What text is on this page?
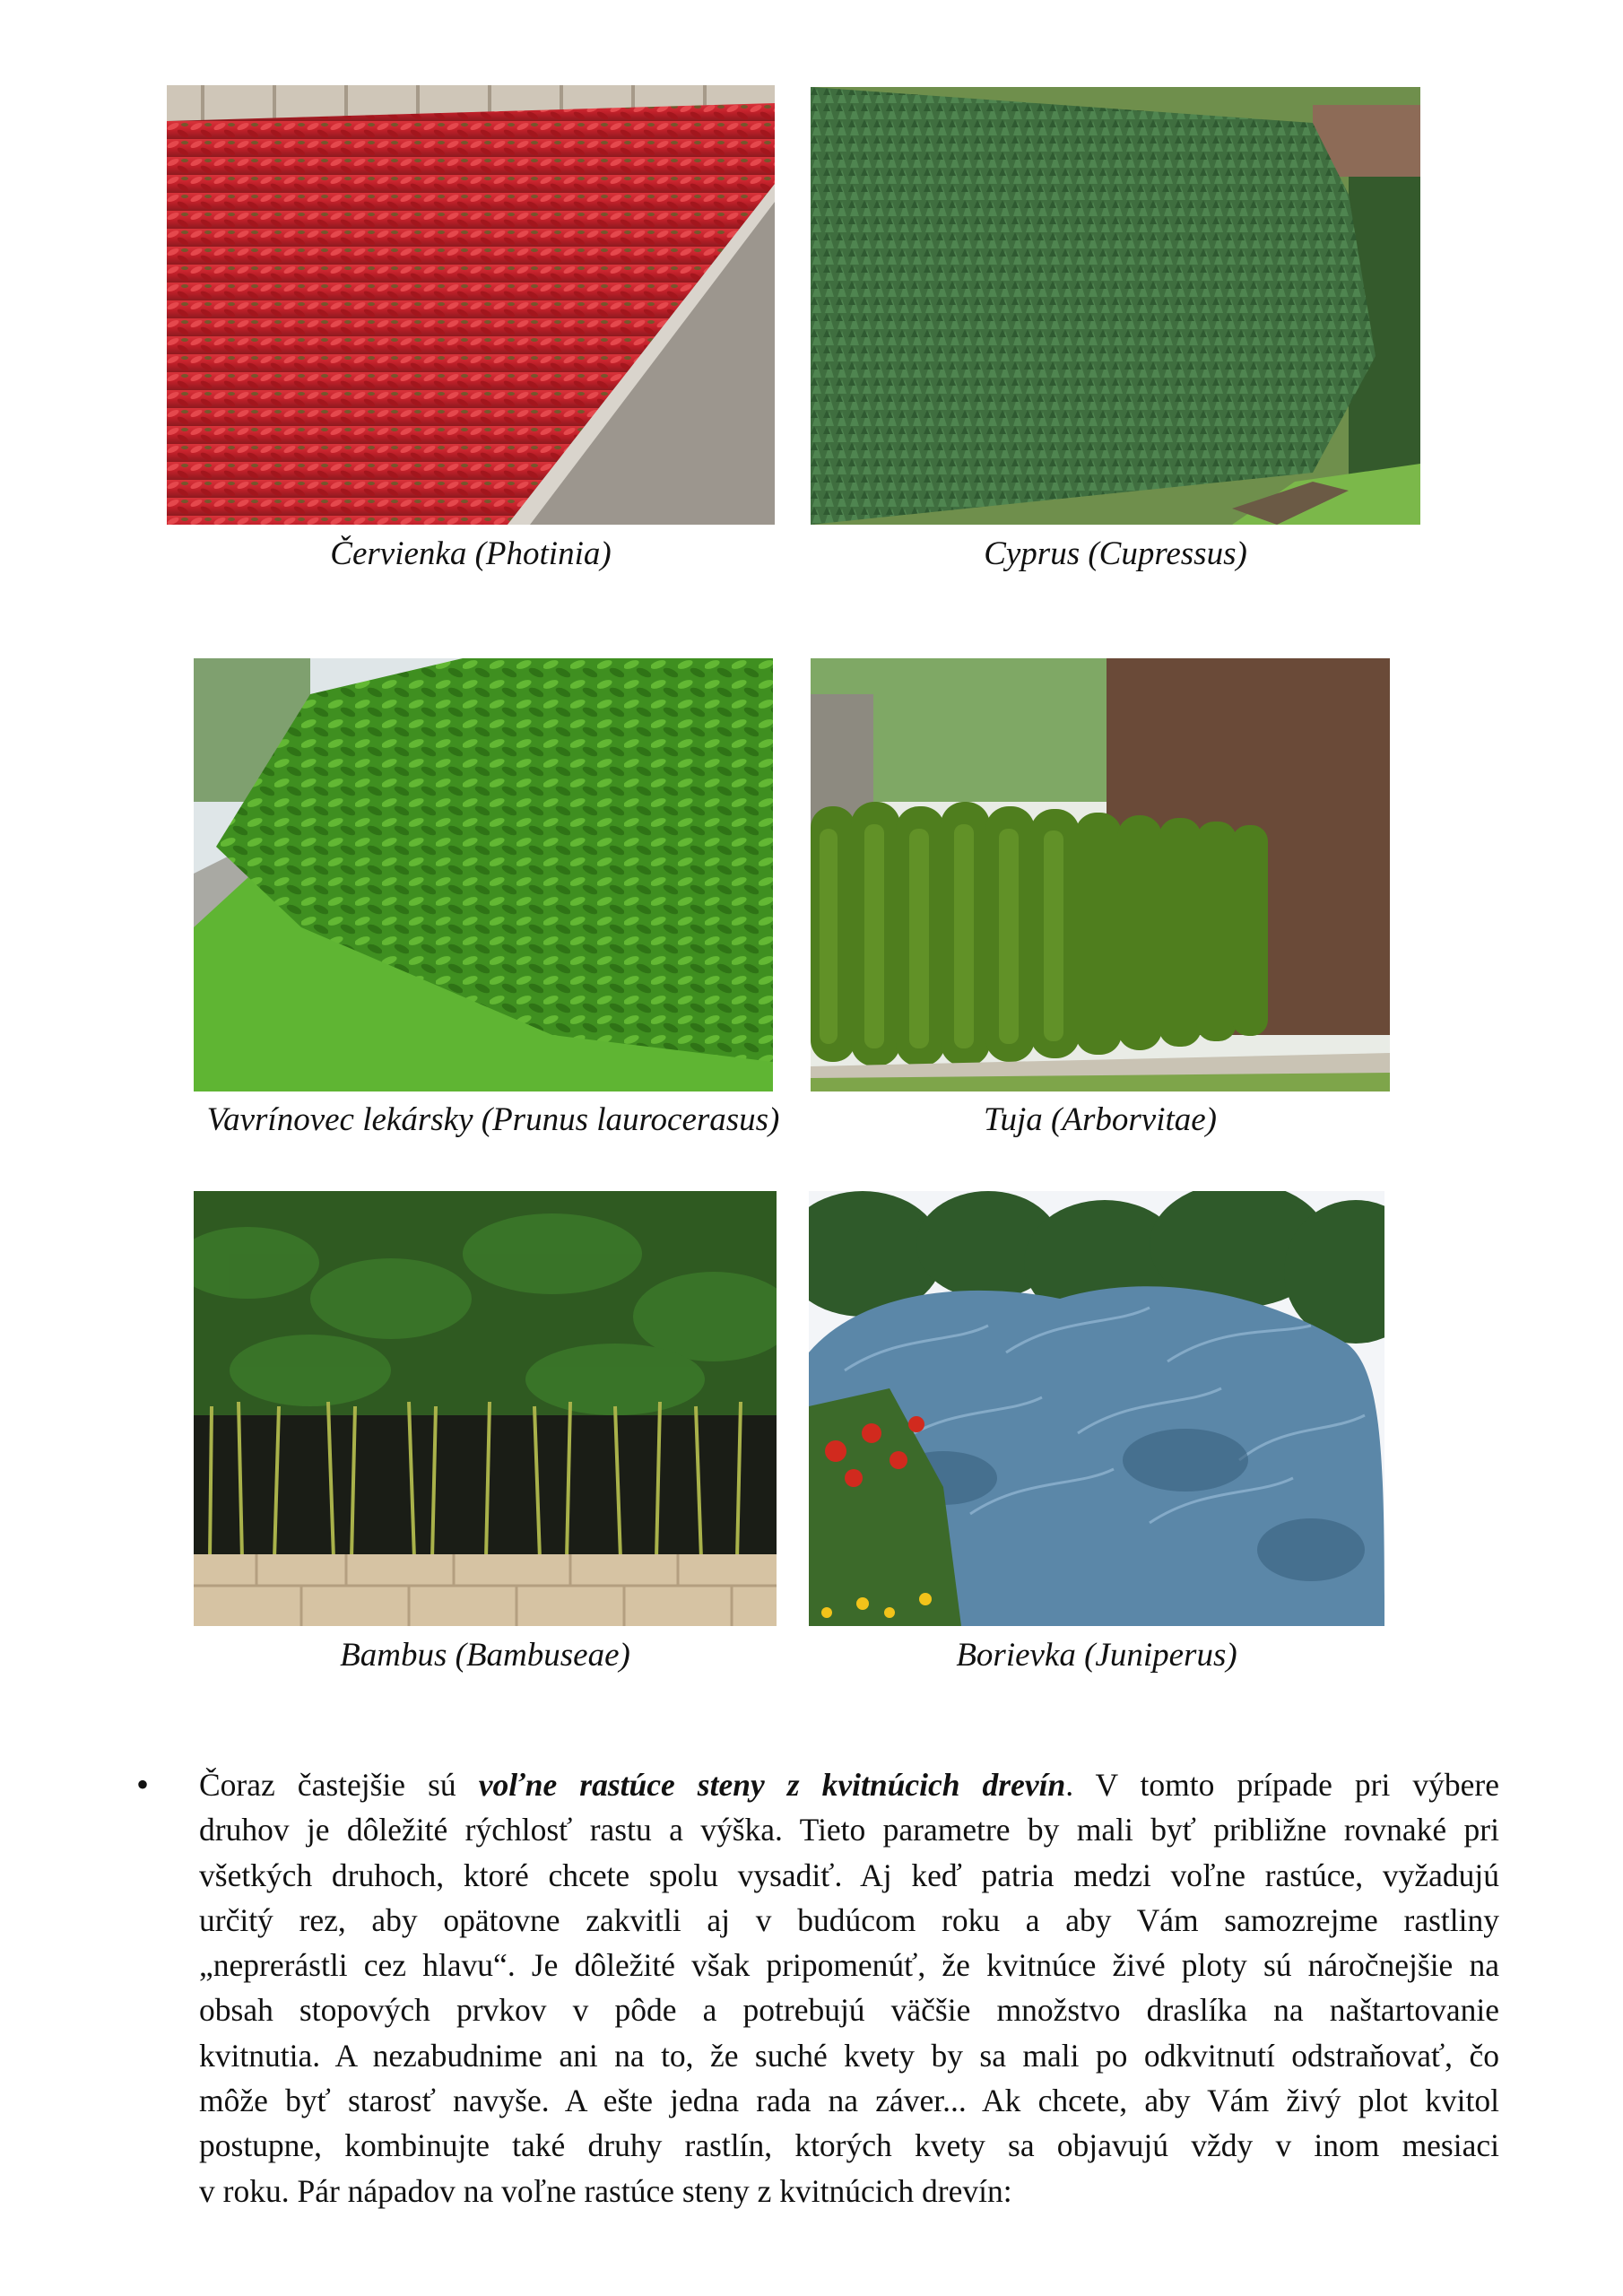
Červienka (Photinia)	Cyprus (Cupressus)
Vavrínovec lekársky (Prunus laurocerasus)	Tuja (Arborvitae)
Bambus (Bambuseae)	Borievka (Juniperus)
• Čoraz častejšie sú voľne rastúce steny z kvitnúcich drevín. V tomto prípade pri výbere
druhov je dôležité rýchlosť rastu a výška. Tieto parametre by mali byť približne rovnaké pri
všetkých druhoch, ktoré chcete spolu vysadiť. Aj keď patria medzi voľne rastúce, vyžadujú
určitý rez, aby opätovne zakvitli aj v budúcom roku a aby Vám samozrejme rastliny
„neprerástli cez hlavu“. Je dôležité však pripomenúť, že kvitnúce živé ploty sú náročnejšie na
obsah stopových prvkov v pôde a potrebujú väčšie množstvo draslíka na naštartovanie
kvitnutia. A nezabudnime ani na to, že suché kvety by sa mali po odkvitnutí odstraňovať, čo
môže byť starosť navyše. A ešte jedna rada na záver... Ak chcete, aby Vám živý plot kvitol
postupne, kombinujte také druhy rastlín, ktorých kvety sa objavujú vždy v inom mesiaci
v roku. Pár nápadov na voľne rastúce steny z kvitnúcich drevín:
